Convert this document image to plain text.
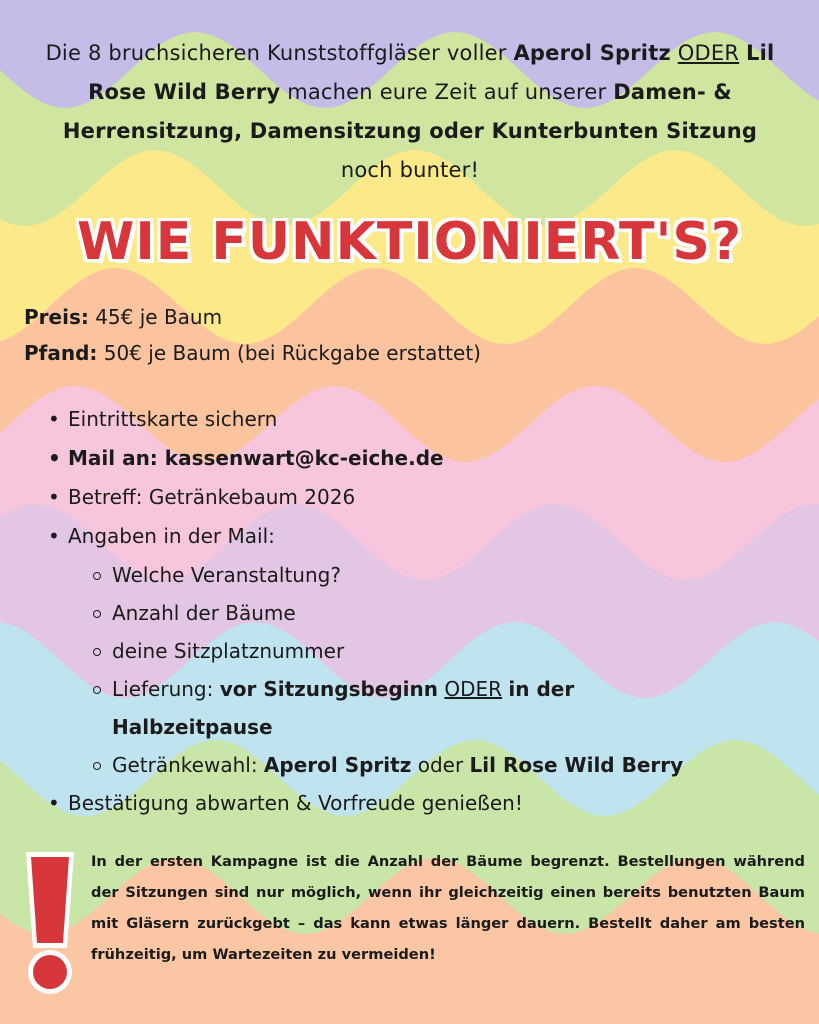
Die 8 bruchsicheren Kunststoffgläser voller Aperol Spritz ODER Lil Rose Wild Berry machen eure Zeit auf unserer Damen- & Herrensitzung, Damensitzung oder Kunterbunten Sitzung noch bunter!
WIE FUNKTIONIERT'S?
Preis: 45€ je Baum
Pfand: 50€ je Baum (bei Rückgabe erstattet)
• Eintrittskarte sichern
• Mail an: kassenwart@kc-eiche.de
• Betreff: Getränkebaum 2026
• Angaben in der Mail:
Welche Veranstaltung?
Anzahl der Bäume
deine Sitzplatznummer
Lieferung: vor Sitzungsbeginn ODER in der
Halbzeitpause
Getränkewahl: Aperol Spritz oder Lil Rose Wild Berry
• Bestätigung abwarten & Vorfreude genießen!
In der ersten Kampagne ist die Anzahl der Bäume begrenzt. Bestellungen während der Sitzungen sind nur möglich, wenn ihr gleichzeitig einen bereits benutzten Baum mit Gläsern zurückgebt – das kann etwas länger dauern. Bestellt daher am besten frühzeitig, um Wartezeiten zu vermeiden!
